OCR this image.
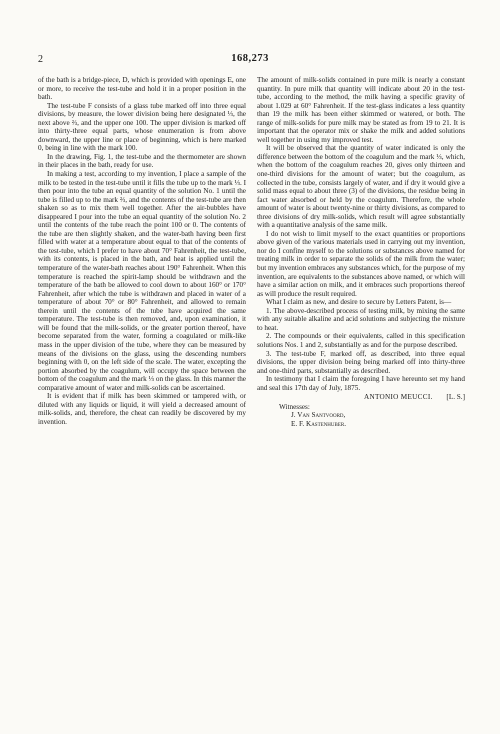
2	168,273

of the bath is a bridge-piece, D, which is provided with openings E, one or more, to receive the test-tube and hold it in a proper position in the bath.

The test-tube F consists of a glass tube marked off into three equal divisions, by measure, the lower division being here designated ⅓, the next above ⅔, and the upper one 100. The upper division is marked off into thirty-three equal parts, whose enumeration is from above downward, the upper line or place of beginning, which is here marked 0, being in line with the mark 100.

In the drawing, Fig. 1, the test-tube and the thermometer are shown in their places in the bath, ready for use.

In making a test, according to my invention, I place a sample of the milk to be tested in the test-tube until it fills the tube up to the mark ⅓. I then pour into the tube an equal quantity of the solution No. 1 until the tube is filled up to the mark ⅔, and the contents of the test-tube are then shaken so as to mix them well together. After the air-bubbles have disappeared I pour into the tube an equal quantity of the solution No. 2 until the contents of the tube reach the point 100 or 0. The contents of the tube are then slightly shaken, and the water-bath having been first filled with water at a temperature about equal to that of the contents of the test-tube, which I prefer to have about 70° Fahrenheit, the test-tube, with its contents, is placed in the bath, and heat is applied until the temperature of the water-bath reaches about 190° Fahrenheit. When this temperature is reached the spirit-lamp should be withdrawn and the temperature of the bath be allowed to cool down to about 160° or 170° Fahrenheit, after which the tube is withdrawn and placed in water of a temperature of about 70° or 80° Fahrenheit, and allowed to remain therein until the contents of the tube have acquired the same temperature. The test-tube is then removed, and, upon examination, it will be found that the milk-solids, or the greater portion thereof, have become separated from the water, forming a coagulated or milk-like mass in the upper division of the tube, where they can be measured by means of the divisions on the glass, using the descending numbers beginning with 0, on the left side of the scale. The water, excepting the portion absorbed by the coagulum, will occupy the space between the bottom of the coagulum and the mark ⅓ on the glass. In this manner the comparative amount of water and milk-solids can be ascertained.

It is evident that if milk has been skimmed or tampered with, or diluted with any liquids or liquid, it will yield a decreased amount of milk-solids, and, therefore, the cheat can readily be discovered by my invention.

The amount of milk-solids contained in pure milk is nearly a constant quantity. In pure milk that quantity will indicate about 20 in the test-tube, according to the method, the milk having a specific gravity of about 1.029 at 60° Fahrenheit. If the test-glass indicates a less quantity than 19 the milk has been either skimmed or watered, or both. The range of milk-solids for pure milk may be stated as from 19 to 21. It is important that the operator mix or shake the milk and added solutions well together in using my improved test.

It will be observed that the quantity of water indicated is only the difference between the bottom of the coagulum and the mark ⅓, which, when the bottom of the coagulum reaches 20, gives only thirteen and one-third divisions for the amount of water; but the coagulum, as collected in the tube, consists largely of water, and if dry it would give a solid mass equal to about three (3) of the divisions, the residue being in fact water absorbed or held by the coagulum. Therefore, the whole amount of water is about twenty-nine or thirty divisions, as compared to three divisions of dry milk-solids, which result will agree substantially with a quantitative analysis of the same milk.

I do not wish to limit myself to the exact quantities or proportions above given of the various materials used in carrying out my invention, nor do I confine myself to the solutions or substances above named for treating milk in order to separate the solids of the milk from the water; but my invention embraces any substances which, for the purpose of my invention, are equivalents to the substances above named, or which will have a similar action on milk, and it embraces such proportions thereof as will produce the result required.

What I claim as new, and desire to secure by Letters Patent, is—

1. The above-described process of testing milk, by mixing the same with any suitable alkaline and acid solutions and subjecting the mixture to heat.

2. The compounds or their equivalents, called in this specification solutions Nos. 1 and 2, substantially as and for the purpose described.

3. The test-tube F, marked off, as described, into three equal divisions, the upper division being being marked off into thirty-three and one-third parts, substantially as described.

In testimony that I claim the foregoing I have hereunto set my hand and seal this 17th day of July, 1875.

ANTONIO MEUCCI. [L. S.]
Witnesses:
J. Van Santvoord,
E. F. Kastenhuber.
